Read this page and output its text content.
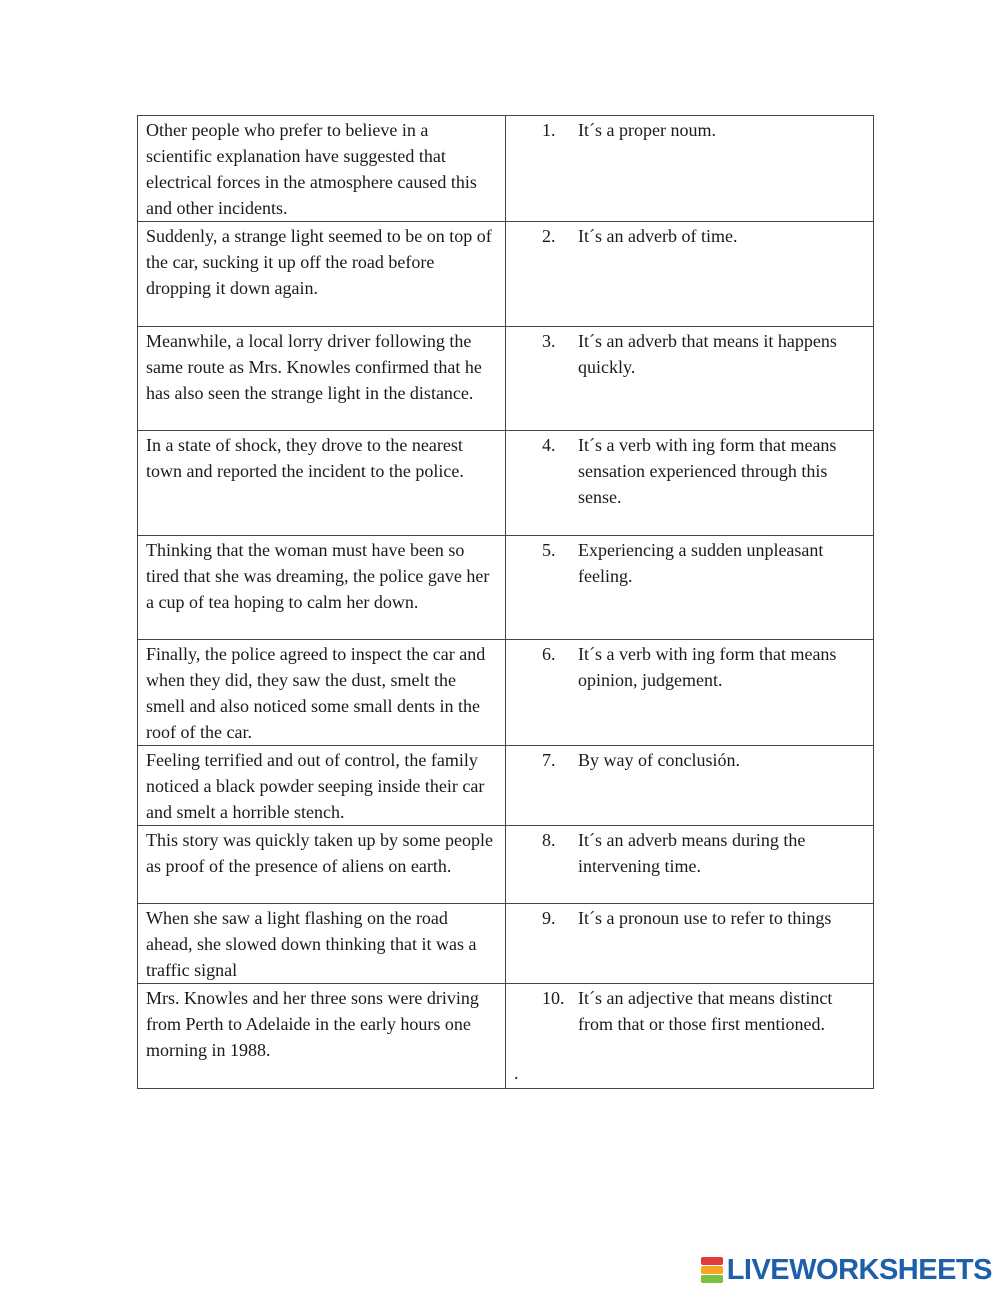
Other people who prefer to believe in a scientific explanation have suggested that electrical forces in the atmosphere caused this and other incidents.	1. It´s a proper noum.

Suddenly, a strange light seemed to be on top of the car, sucking it up off the road before dropping it down again.	2. It´s an adverb of time.

Meanwhile, a local lorry driver following the same route as Mrs. Knowles confirmed that he has also seen the strange light in the distance.	3. It´s an adverb that means it happens quickly.

In a state of shock, they drove to the nearest town and reported the incident to the police.	4. It´s a verb with ing form that means sensation experienced through this sense.

Thinking that the woman must have been so tired that she was dreaming, the police gave her a cup of tea hoping to calm her down.	5. Experiencing a sudden unpleasant feeling.

Finally, the police agreed to inspect the car and when they did, they saw the dust, smelt the smell and also noticed some small dents in the roof of the car.	6. It´s a verb with ing form that means opinion, judgement.

Feeling terrified and out of control, the family noticed a black powder seeping inside their car and smelt a horrible stench.	7. By way of conclusión.

This story was quickly taken up by some people as proof of the presence of aliens on earth.	8. It´s an adverb means during the intervening time.

When she saw a light flashing on the road ahead, she slowed down thinking that it was a traffic signal	9. It´s a pronoun use to refer to things

Mrs. Knowles and her three sons were driving from Perth to Adelaide in the early hours one morning in 1988.	10. It´s an adjective that means distinct from that or those first mentioned.
.
LIVEWORKSHEETS
